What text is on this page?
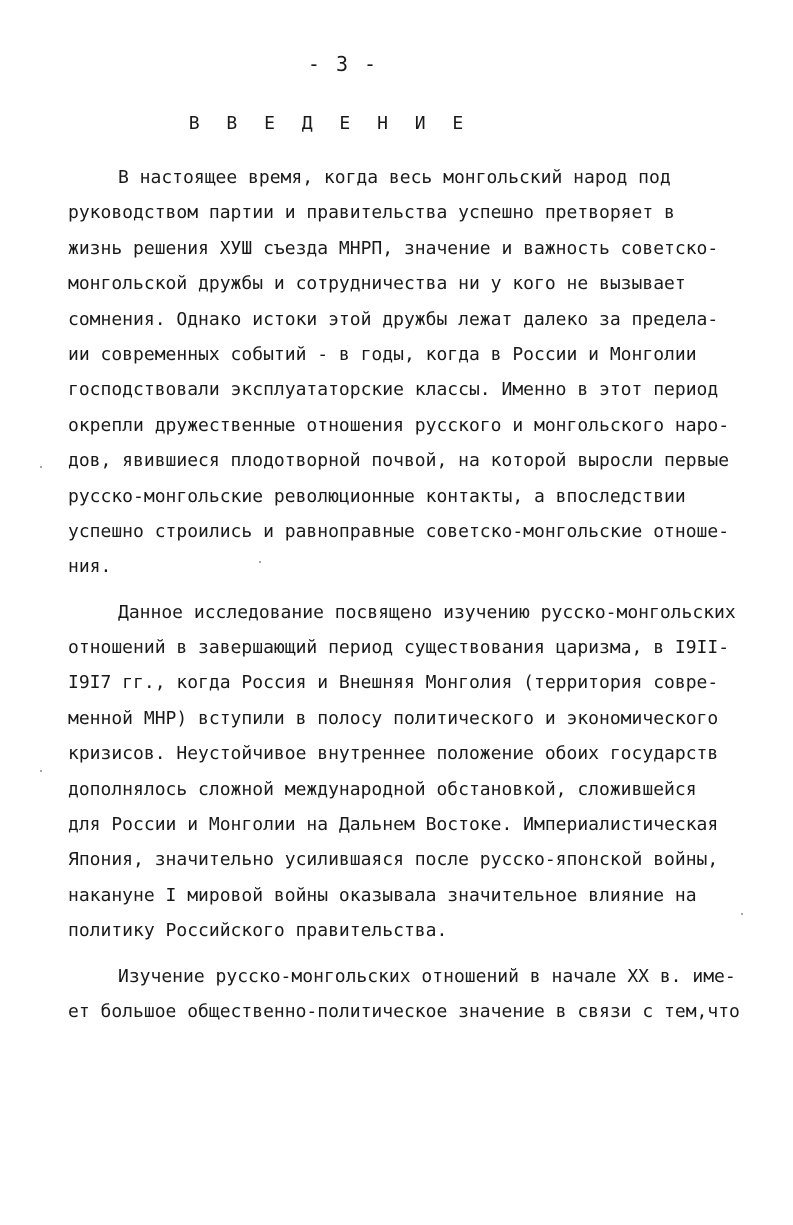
- 3 -
В В Е Д Е Н И Е
В настоящее время, когда весь монгольский народ под
руководством партии и правительства успешно претворяет в
жизнь решения ХУШ съезда МНРП, значение и важность советско-
монгольской дружбы и сотрудничества ни у кого не вызывает
сомнения. Однако истоки этой дружбы лежат далеко за предела-
ии современных событий - в годы, когда в России и Монголии
господствовали эксплуататорские классы. Именно в этот период
окрепли дружественные отношения русского и монгольского наро-
дов, явившиеся плодотворной почвой, на которой выросли первые
русско-монгольские революционные контакты, а впоследствии
успешно строились и равноправные советско-монгольские отноше-
ния.
Данное исследование посвящено изучению русско-монгольских
отношений в завершающий период существования царизма, в I9II-
I9I7 гг., когда Россия и Внешняя Монголия (территория совре-
менной МНР) вступили в полосу политического и экономического
кризисов. Неустойчивое внутреннее положение обоих государств
дополнялось сложной международной обстановкой, сложившейся
для России и Монголии на Дальнем Востоке. Империалистическая
Япония, значительно усилившаяся после русско-японской войны,
накануне I мировой войны оказывала значительное влияние на
политику Российского правительства.
Изучение русско-монгольских отношений в начале XX в. име-
ет большое общественно-политическое значение в связи с тем,что
